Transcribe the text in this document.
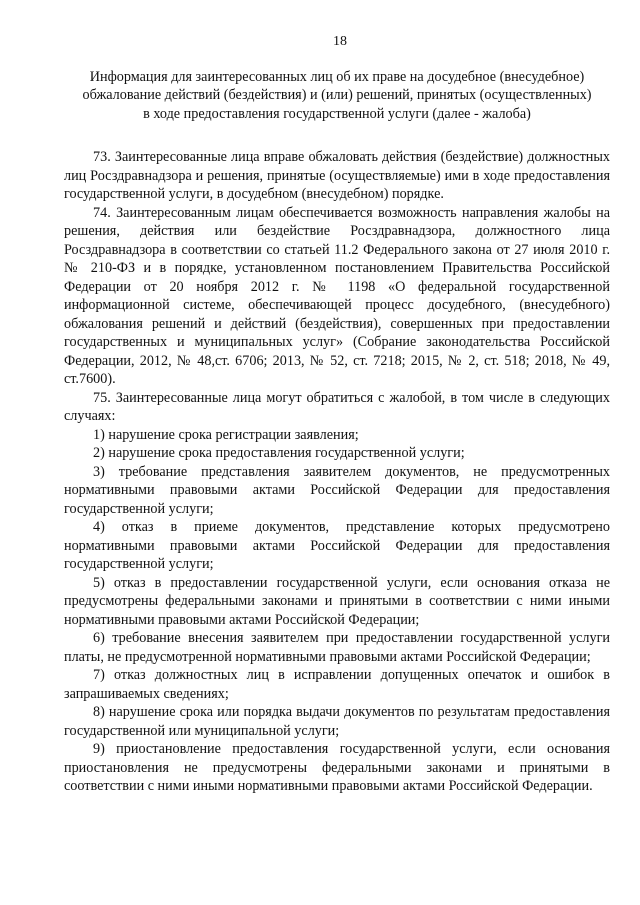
18
Информация для заинтересованных лиц об их праве на досудебное (внесудебное)
обжалование действий (бездействия) и (или) решений, принятых (осуществленных)
в ходе предоставления государственной услуги (далее - жалоба)

73. Заинтересованные лица вправе обжаловать действия (бездействие) должностных лиц Росздравнадзора и решения, принятые (осуществляемые) ими в ходе предоставления государственной услуги, в досудебном (внесудебном) порядке.

74. Заинтересованным лицам обеспечивается возможность направления жалобы на решения, действия или бездействие Росздравнадзора, должностного лица Росздравнадзора в соответствии со статьей 11.2 Федерального закона от 27 июля 2010 г. № 210-ФЗ и в порядке, установленном постановлением Правительства Российской Федерации от 20 ноября 2012 г. № 1198 «О федеральной государственной информационной системе, обеспечивающей процесс досудебного, (внесудебного) обжалования решений и действий (бездействия), совершенных при предоставлении государственных и муниципальных услуг» (Собрание законодательства Российской Федерации, 2012, № 48,ст. 6706; 2013, № 52, ст. 7218; 2015, № 2, ст. 518; 2018, № 49, ст.7600).

75. Заинтересованные лица могут обратиться с жалобой, в том числе в следующих случаях:

1) нарушение срока регистрации заявления;

2) нарушение срока предоставления государственной услуги;

3) требование представления заявителем документов, не предусмотренных нормативными правовыми актами Российской Федерации для предоставления государственной услуги;

4) отказ в приеме документов, представление которых предусмотрено нормативными правовыми актами Российской Федерации для предоставления государственной услуги;

5) отказ в предоставлении государственной услуги, если основания отказа не предусмотрены федеральными законами и принятыми в соответствии с ними иными нормативными правовыми актами Российской Федерации;

6) требование внесения заявителем при предоставлении государственной услуги платы, не предусмотренной нормативными правовыми актами Российской Федерации;

7) отказ должностных лиц в исправлении допущенных опечаток и ошибок в запрашиваемых сведениях;

8) нарушение срока или порядка выдачи документов по результатам предоставления государственной или муниципальной услуги;

9) приостановление предоставления государственной услуги, если основания приостановления не предусмотрены федеральными законами и принятыми в соответствии с ними иными нормативными правовыми актами Российской Федерации.
